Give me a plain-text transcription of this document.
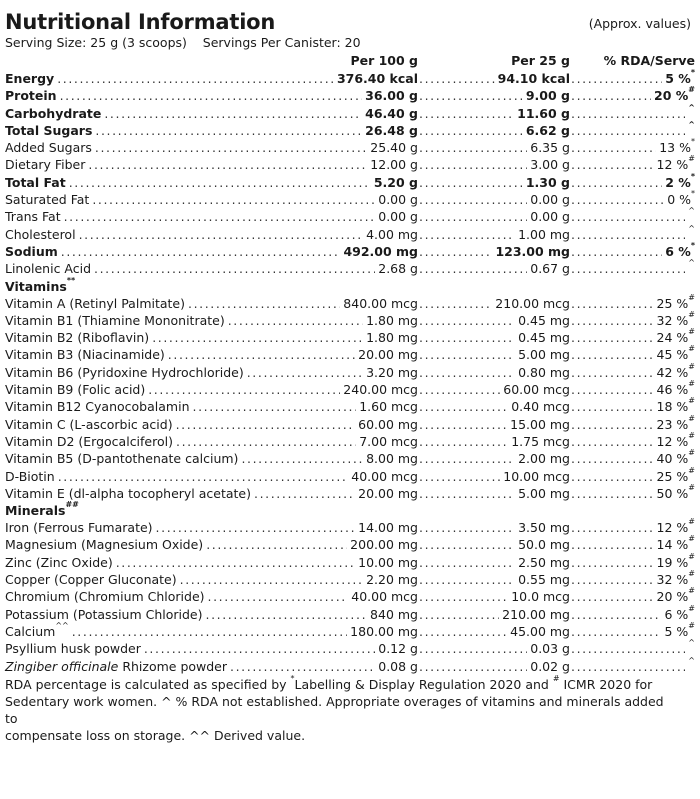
Nutritional Information	(Approx. values)
Serving Size: 25 g (3 scoops)    Servings Per Canister: 20
Per 100 g	Per 25 g	% RDA/Serve
Energy .....	376.40 kcal .....	94.10 kcal .....	5 %*
Protein .....	36.00 g .....	9.00 g .....	20 %#
Carbohydrate .....	46.40 g .....	11.60 g .....	^
Total Sugars .....	26.48 g .....	6.62 g .....	^
Added Sugars .....	25.40 g .....	6.35 g .....	13 %*
Dietary Fiber .....	12.00 g .....	3.00 g .....	12 %#
Total Fat .....	5.20 g .....	1.30 g .....	2 %*
Saturated Fat .....	0.00 g .....	0.00 g .....	0 %*
Trans Fat .....	0.00 g .....	0.00 g .....	^
Cholesterol .....	4.00 mg .....	1.00 mg .....	^
Sodium .....	492.00 mg .....	123.00 mg .....	6 %*
Linolenic Acid .....	2.68 g .....	0.67 g .....	^
Vitamins**
Vitamin A (Retinyl Palmitate) .....	840.00 mcg .....	210.00 mcg .....	25 %#
Vitamin B1 (Thiamine Mononitrate) .....	1.80 mg .....	0.45 mg .....	32 %#
Vitamin B2 (Riboflavin) .....	1.80 mg .....	0.45 mg .....	24 %#
Vitamin B3 (Niacinamide) .....	20.00 mg .....	5.00 mg .....	45 %#
Vitamin B6 (Pyridoxine Hydrochloride) .....	3.20 mg .....	0.80 mg .....	42 %#
Vitamin B9 (Folic acid) .....	240.00 mcg .....	60.00 mcg .....	46 %#
Vitamin B12 Cyanocobalamin .....	1.60 mcg .....	0.40 mcg .....	18 %#
Vitamin C (L-ascorbic acid) .....	60.00 mg .....	15.00 mg .....	23 %#
Vitamin D2 (Ergocalciferol) .....	7.00 mcg .....	1.75 mcg .....	12 %#
Vitamin B5 (D-pantothenate calcium) .....	8.00 mg .....	2.00 mg .....	40 %#
D-Biotin .....	40.00 mcg .....	10.00 mcg .....	25 %#
Vitamin E (dl-alpha tocopheryl acetate) .....	20.00 mg .....	5.00 mg .....	50 %#
Minerals##
Iron (Ferrous Fumarate) .....	14.00 mg .....	3.50 mg .....	12 %#
Magnesium (Magnesium Oxide) .....	200.00 mg .....	50.0 mg .....	14 %#
Zinc (Zinc Oxide) .....	10.00 mg .....	2.50 mg .....	19 %#
Copper (Copper Gluconate) .....	2.20 mg .....	0.55 mg .....	32 %#
Chromium (Chromium Chloride) .....	40.00 mcg .....	10.0 mcg .....	20 %#
Potassium (Potassium Chloride) .....	840 mg .....	210.00 mg .....	6 %#
Calcium^^ .....	180.00 mg .....	45.00 mg .....	5 %#
Psyllium husk powder .....	0.12 g .....	0.03 g .....	^
Zingiber officinale Rhizome powder .....	0.08 g .....	0.02 g .....	^
RDA percentage is calculated as specified by *Labelling & Display Regulation 2020 and # ICMR 2020 for
Sedentary work women. ^ % RDA not established. Appropriate overages of vitamins and minerals added to
compensate loss on storage. ^^ Derived value.
